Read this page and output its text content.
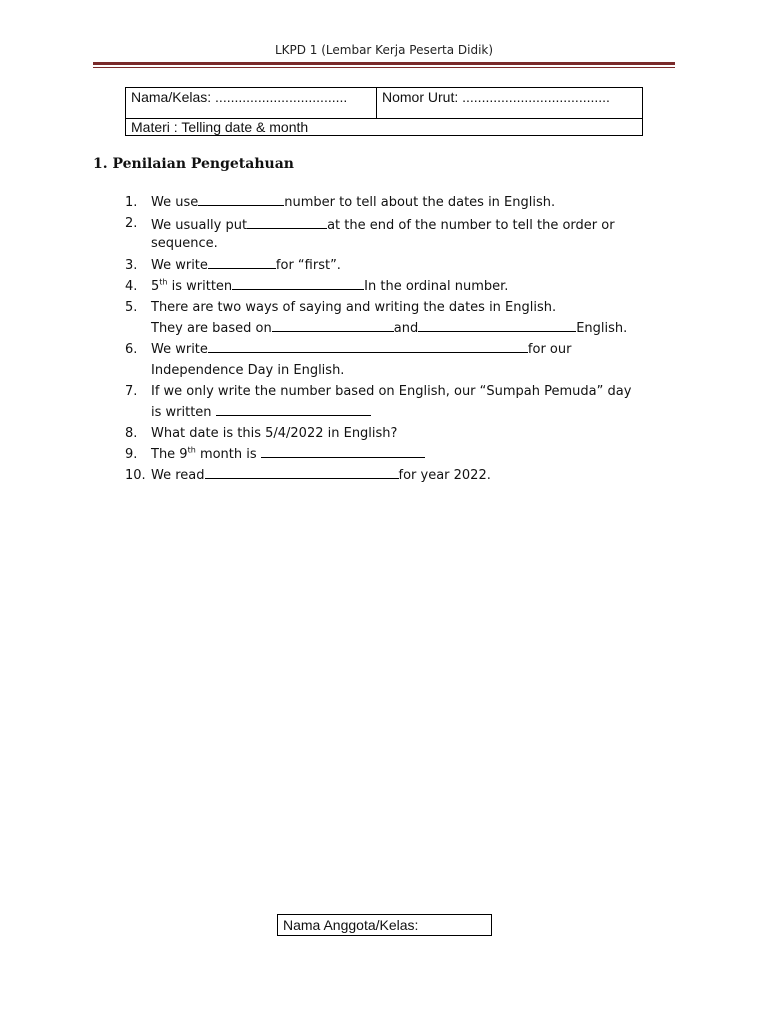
LKPD 1 (Lembar Kerja Peserta Didik)
Nama/Kelas: ..................................	Nomor Urut: ......................................
Materi : Telling date & month
1. Penilaian Pengetahuan
1. We use	number to tell about the dates in English.
2. We usually put	at the end of the number to tell the order or sequence.
3. We write	for “first”.
4. 5th is written	In the ordinal number.
5. There are two ways of saying and writing the dates in English.
They are based on	and	English.
6. We write	for our Independence Day in English.
7. If we only write the number based on English, our “Sumpah Pemuda” day is written
8. What date is this 5/4/2022 in English?
9. The 9th month is
10. We read	for year 2022.
Nama Anggota/Kelas:
